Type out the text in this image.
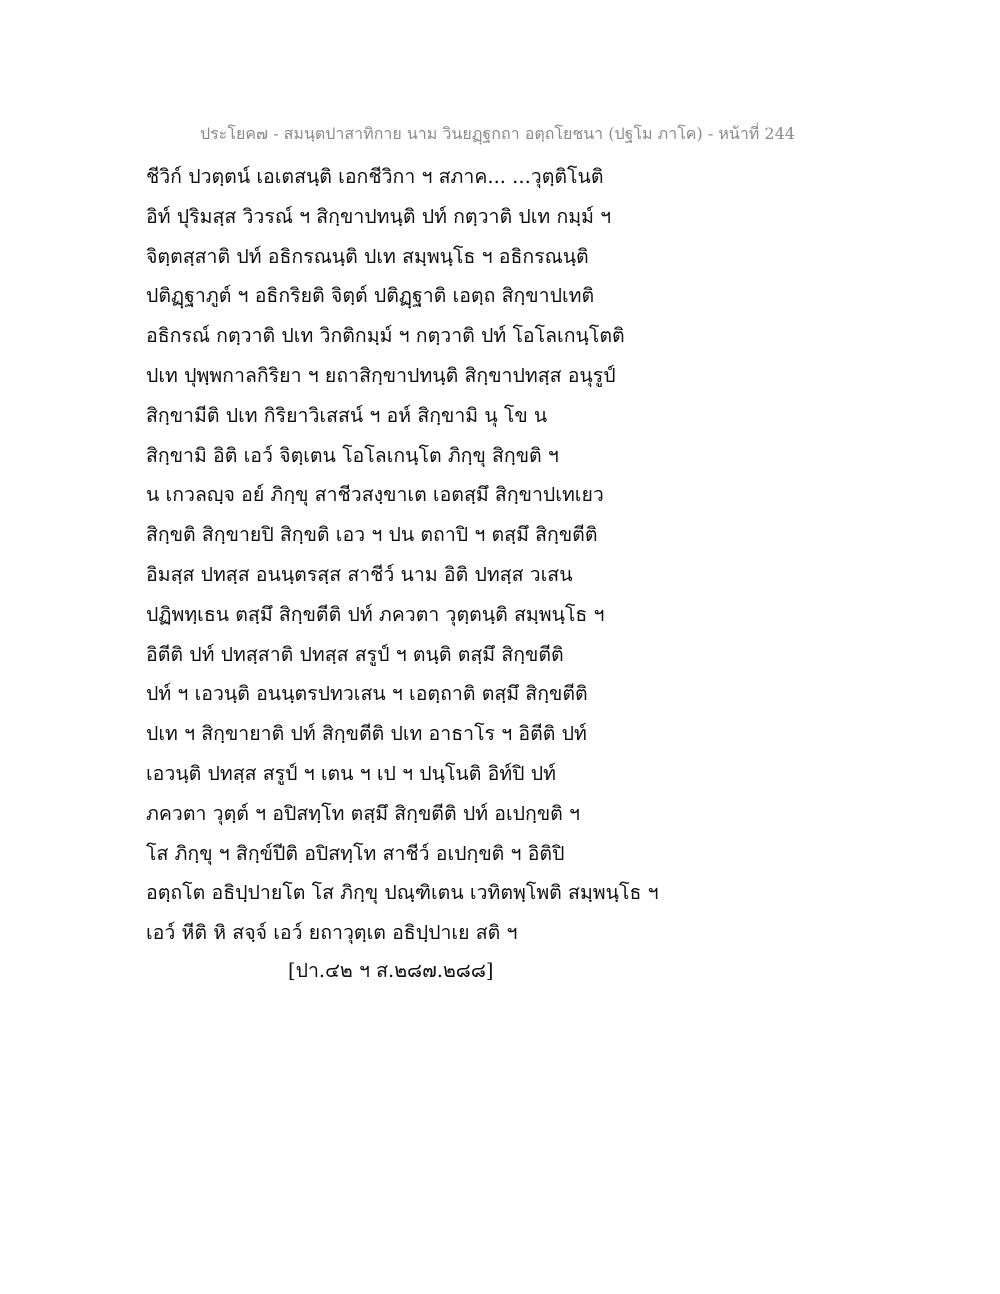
ประโยค๗ - สมนฺตปาสาทิกาย นาม วินยฏฺฐกถา อตฺถโยชนา (ปฐโม ภาโค) - หน้าที่ 244
ชีวิก์ ปวตฺตน์ เอเตสนฺติ เอกชีวิกา ฯ สภาค... ...วุตฺติโนติ
อิท์ ปุริมสฺส วิวรณ์ ฯ สิกฺขาปทนฺติ ปท์ กตฺวาติ ปเท กมฺม์ ฯ
จิตฺตสฺสาติ ปท์ อธิกรณนฺติ ปเท สมฺพนฺโธ ฯ อธิกรณนฺติ
ปติฏฺฐาภูต์ ฯ อธิกริยติ จิตฺต์ ปติฏฺฐาติ เอตฺถ สิกฺขาปเทติ
อธิกรณ์ กตฺวาติ ปเท วิกติกมฺม์ ฯ กตฺวาติ ปท์ โอโลเกนฺโตติ
ปเท ปุพฺพกาลกิริยา ฯ ยถาสิกฺขาปทนฺติ สิกฺขาปทสฺส อนุรูป์
สิกฺขามีติ ปเท กิริยาวิเสสน์ ฯ อห์ สิกฺขามิ นุ โข น
สิกฺขามิ อิติ เอว์ จิตฺเตน โอโลเกนฺโต ภิกฺขุ สิกฺขติ ฯ
น เกวลญฺจ อย์ ภิกฺขุ สาชีวสงฺขาเต เอตสฺมึ สิกฺขาปเทเยว
สิกฺขติ สิกฺขายปิ สิกฺขติ เอว ฯ ปน ตถาปิ ฯ ตสฺมึ สิกฺขตีติ
อิมสฺส ปทสฺส อนนฺตรสฺส สาชีว์ นาม อิติ ปทสฺส วเสน
ปฏิพทฺเธน ตสฺมึ สิกฺขตีติ ปท์ ภควตา วุตฺตนฺติ สมฺพนฺโธ ฯ
อิตีติ ปท์ ปทสฺสาติ ปทสฺส สรูป์ ฯ ตนฺติ ตสฺมึ สิกฺขตีติ
ปท์ ฯ เอวนฺติ อนนฺตรปทวเสน ฯ เอตฺถาติ ตสฺมึ สิกฺขตีติ
ปเท ฯ สิกฺขายาติ ปท์ สิกฺขตีติ ปเท อาธาโร ฯ อิตีติ ปท์
เอวนฺติ ปทสฺส สรูป์ ฯ เตน ฯ เป ฯ ปนฺโนติ อิท์ปิ ปท์
ภควตา วุตฺต์ ฯ อปิสทฺโท ตสฺมึ สิกฺขตีติ ปท์ อเปกฺขติ ฯ
โส ภิกฺขุ ฯ สิกฺข์ปีติ อปิสทฺโท สาชีว์ อเปกฺขติ ฯ อิติปิ
อตฺถโต อธิปฺปายโต โส ภิกฺขุ ปณฺฑิเตน เวทิตพฺโพติ สมฺพนฺโธ ฯ
เอว์ หีติ หิ สจฺจ์ เอว์ ยถาวุตฺเต อธิปฺปาเย สติ ฯ
[ปา.๔๒ ฯ ส.๒๘๗.๒๘๘]
